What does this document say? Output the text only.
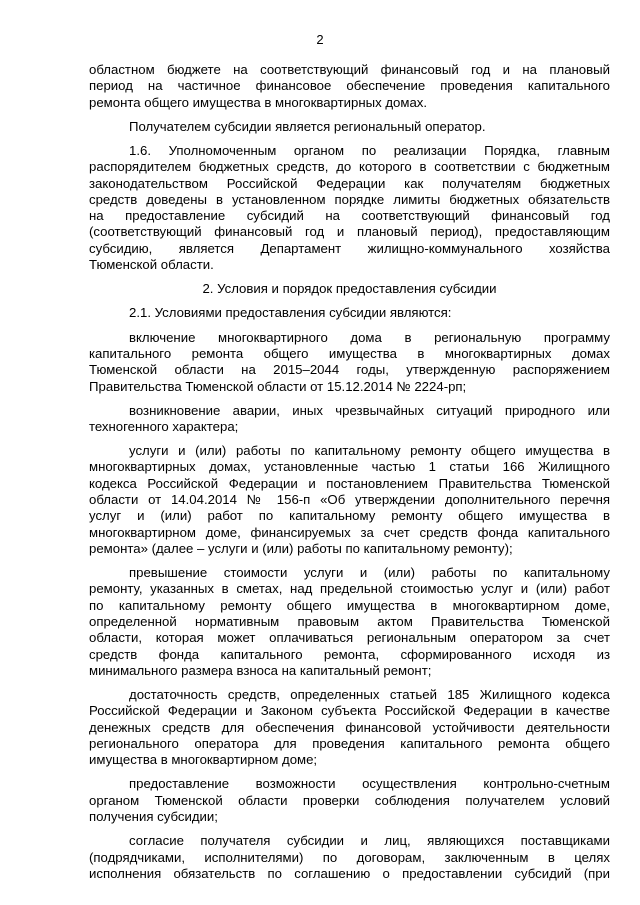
2
областном бюджете на соответствующий финансовый год и на плановый
период на частичное финансовое обеспечение проведения капитального
ремонта общего имущества в многоквартирных домах.
Получателем субсидии является региональный оператор.
1.6. Уполномоченным органом по реализации Порядка, главным
распорядителем бюджетных средств, до которого в соответствии с бюджетным
законодательством Российской Федерации как получателям бюджетных
средств доведены в установленном порядке лимиты бюджетных обязательств
на предоставление субсидий на соответствующий финансовый год
(соответствующий финансовый год и плановый период), предоставляющим
субсидию, является Департамент жилищно-коммунального хозяйства
Тюменской области.
2. Условия и порядок предоставления субсидии
2.1. Условиями предоставления субсидии являются:
включение многоквартирного дома в региональную программу
капитального ремонта общего имущества в многоквартирных домах
Тюменской области на 2015–2044 годы, утвержденную распоряжением
Правительства Тюменской области от 15.12.2014 № 2224-рп;
возникновение аварии, иных чрезвычайных ситуаций природного или
техногенного характера;
услуги и (или) работы по капитальному ремонту общего имущества в
многоквартирных домах, установленные частью 1 статьи 166 Жилищного
кодекса Российской Федерации и постановлением Правительства Тюменской
области от 14.04.2014 № 156-п «Об утверждении дополнительного перечня
услуг и (или) работ по капитальному ремонту общего имущества в
многоквартирном доме, финансируемых за счет средств фонда капитального
ремонта» (далее – услуги и (или) работы по капитальному ремонту);
превышение стоимости услуги и (или) работы по капитальному
ремонту, указанных в сметах, над предельной стоимостью услуг и (или) работ
по капитальному ремонту общего имущества в многоквартирном доме,
определенной нормативным правовым актом Правительства Тюменской
области, которая может оплачиваться региональным оператором за счет
средств фонда капитального ремонта, сформированного исходя из
минимального размера взноса на капитальный ремонт;
достаточность средств, определенных статьей 185 Жилищного кодекса
Российской Федерации и Законом субъекта Российской Федерации в качестве
денежных средств для обеспечения финансовой устойчивости деятельности
регионального оператора для проведения капитального ремонта общего
имущества в многоквартирном доме;
предоставление возможности осуществления контрольно-счетным
органом Тюменской области проверки соблюдения получателем условий
получения субсидии;
согласие получателя субсидии и лиц, являющихся поставщиками
(подрядчиками, исполнителями) по договорам, заключенным в целях
исполнения обязательств по соглашению о предоставлении субсидий (при
